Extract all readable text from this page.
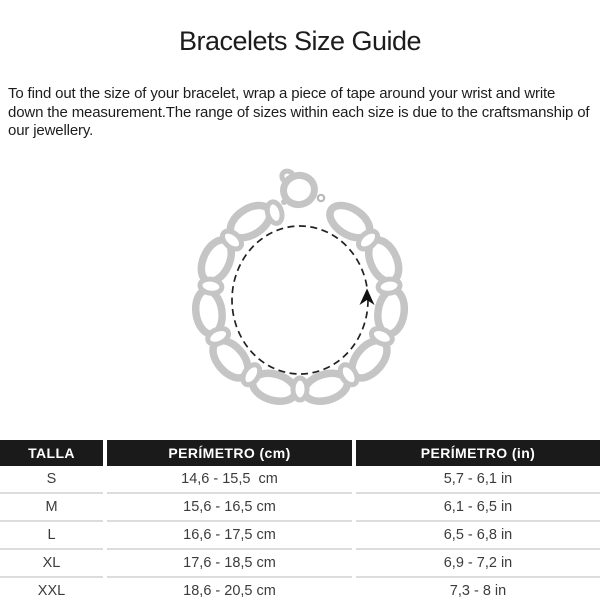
Bracelets Size Guide

To find out the size of your bracelet, wrap a piece of tape around your wrist and write down the measurement.The range of sizes within each size is due to the craftsmanship of our jewellery.

TALLA	PERÍMETRO (cm)	PERÍMETRO (in)
S	14,6 - 15,5  cm	5,7 - 6,1 in
M	15,6 - 16,5 cm	6,1 - 6,5 in
L	16,6 - 17,5 cm	6,5 - 6,8 in
XL	17,6 - 18,5 cm	6,9 - 7,2 in
XXL	18,6 - 20,5 cm	7,3 - 8 in
